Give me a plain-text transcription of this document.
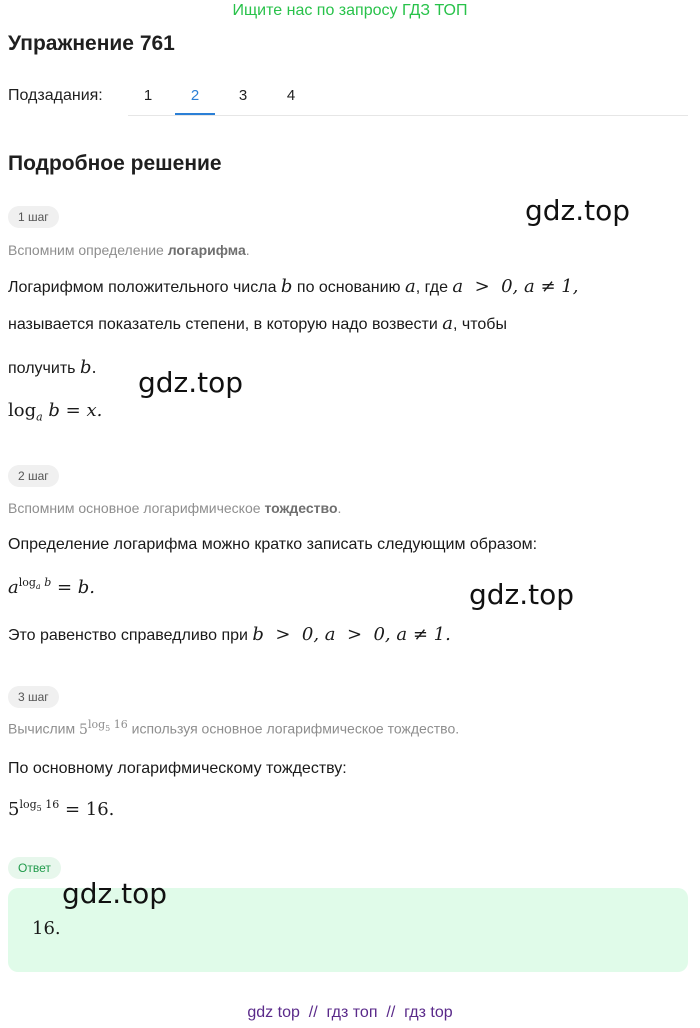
Ищите нас по запросу ГДЗ ТОП
Упражнение 761
Подзадания:	1	2	3	4
Подробное решение
1 шаг	gdz.top
Вспомним определение логарифма.
Логарифмом положительного числа b по основанию a, где a  >  0, a ≠ 1,
называется показатель степени, в которую надо возвести a, чтобы
получить b. gdz.top
$\log_a b = x$.
2 шаг
Вспомним основное логарифмическое тождество.
Определение логарифма можно кратко записать следующим образом:
$a^{log_a b} = b$.	gdz.top
Это равенство справедливо при b  >  0, a  >  0, a ≠ 1.
3 шаг
Вычислим $5^{log_5 16}$ используя основное логарифмическое тождество.
По основному логарифмическому тождеству:
$5^{log_5 16} = 16$.
Ответ
gdz.top
16.
gdz top  //  гдз топ  //  гдз top
